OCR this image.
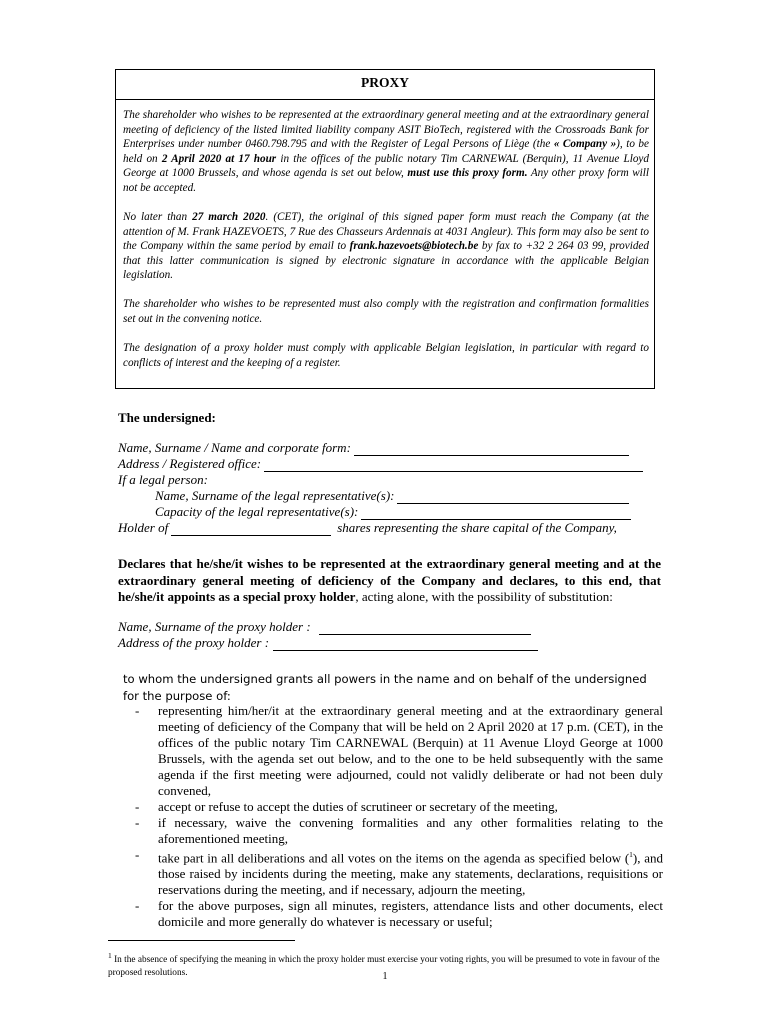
PROXY

The shareholder who wishes to be represented at the extraordinary general meeting and at the extraordinary general meeting of deficiency of the listed limited liability company ASIT BioTech, registered with the Crossroads Bank for Enterprises under number 0460.798.795 and with the Register of Legal Persons of Liège (the « Company »), to be held on 2 April 2020 at 17 hour in the offices of the public notary Tim CARNEWAL (Berquin), 11 Avenue Lloyd George at 1000 Brussels, and whose agenda is set out below, must use this proxy form. Any other proxy form will not be accepted.

No later than 27 march 2020. (CET), the original of this signed paper form must reach the Company (at the attention of M. Frank HAZEVOETS, 7 Rue des Chasseurs Ardennais at 4031 Angleur). This form may also be sent to the Company within the same period by email to frank.hazevoets@biotech.be by fax to +32 2 264 03 99, provided that this latter communication is signed by electronic signature in accordance with the applicable Belgian legislation.

The shareholder who wishes to be represented must also comply with the registration and confirmation formalities set out in the convening notice.

The designation of a proxy holder must comply with applicable Belgian legislation, in particular with regard to conflicts of interest and the keeping of a register.

The undersigned:
Name, Surname / Name and corporate form:
Address / Registered office:
If a legal person:
Name, Surname of the legal representative(s):
Capacity of the legal representative(s):
Holder of	shares representing the share capital of the Company,

Declares that he/she/it wishes to be represented at the extraordinary general meeting and at the extraordinary general meeting of deficiency of the Company and declares, to this end, that he/she/it appoints as a special proxy holder, acting alone, with the possibility of substitution:

Name, Surname of the proxy holder :
Address of the proxy holder :

to whom the undersigned grants all powers in the name and on behalf of the undersigned for the purpose of:

- representing him/her/it at the extraordinary general meeting and at the extraordinary general meeting of deficiency of the Company that will be held on 2 April 2020 at 17 p.m. (CET), in the offices of the public notary Tim CARNEWAL (Berquin) at 11 Avenue Lloyd George at 1000 Brussels, with the agenda set out below, and to the one to be held subsequently with the same agenda if the first meeting were adjourned, could not validly deliberate or had not been duly convened,
- accept or refuse to accept the duties of scrutineer or secretary of the meeting,
- if necessary, waive the convening formalities and any other formalities relating to the aforementioned meeting,
- take part in all deliberations and all votes on the items on the agenda as specified below ($^1$), and those raised by incidents during the meeting, make any statements, declarations, requisitions or reservations during the meeting, and if necessary, adjourn the meeting,
- for the above purposes, sign all minutes, registers, attendance lists and other documents, elect domicile and more generally do whatever is necessary or useful;

$^1$ In the absence of specifying the meaning in which the proxy holder must exercise your voting rights, you will be presumed to vote in favour of the proposed resolutions.	1
